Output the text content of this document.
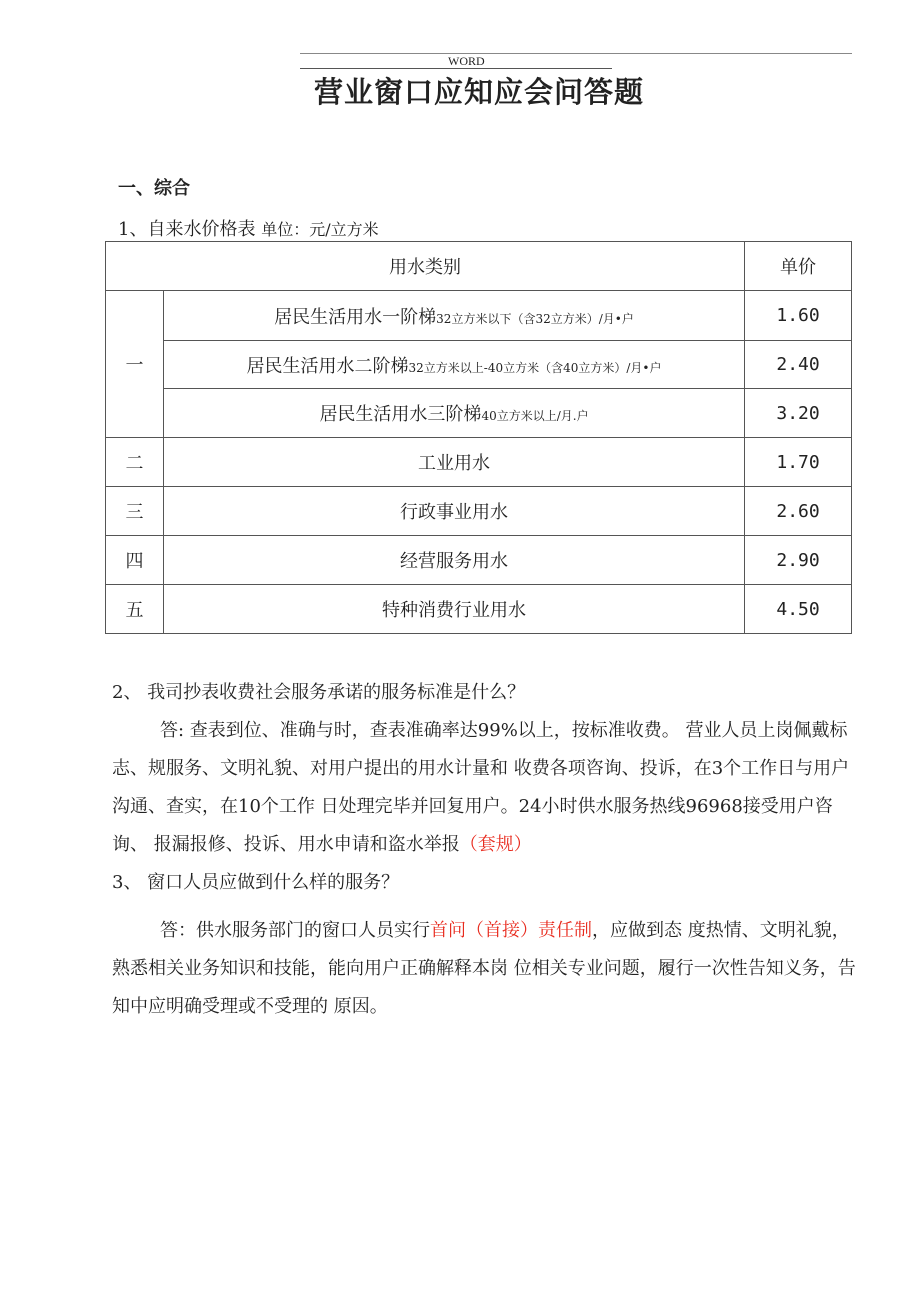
WORD
营业窗口应知应会问答题
一、综合
1、自来水价格表 单位：元/立方米
用水类别		单价
一	居民生活用水一阶梯32立方米以下（含32立方米）/月•户	1.60
	居民生活用水二阶梯32立方米以上-40立方米（含40立方米）/月•户	2.40
	居民生活用水三阶梯40立方米以上/月.户	3.20
二	工业用水	1.70
三	行政事业用水	2.60
四	经营服务用水	2.90
五	特种消费行业用水	4.50
2、 我司抄表收费社会服务承诺的服务标准是什么？
答: 查表到位、准确与时，查表准确率达99%以上，按标准收费。 营业人员上岗佩戴标志、规服务、文明礼貌、对用户提出的用水计量和 收费各项咨询、投诉，在3个工作日与用户沟通、查实，在10个工作 日处理完毕并回复用户。24小时供水服务热线96968接受用户咨询、 报漏报修、投诉、用水申请和盗水举报（套规）
3、 窗口人员应做到什么样的服务？
答：供水服务部门的窗口人员实行首问（首接）责任制，应做到态 度热情、文明礼貌，熟悉相关业务知识和技能，能向用户正确解释本岗 位相关专业问题，履行一次性告知义务，告知中应明确受理或不受理的 原因。
